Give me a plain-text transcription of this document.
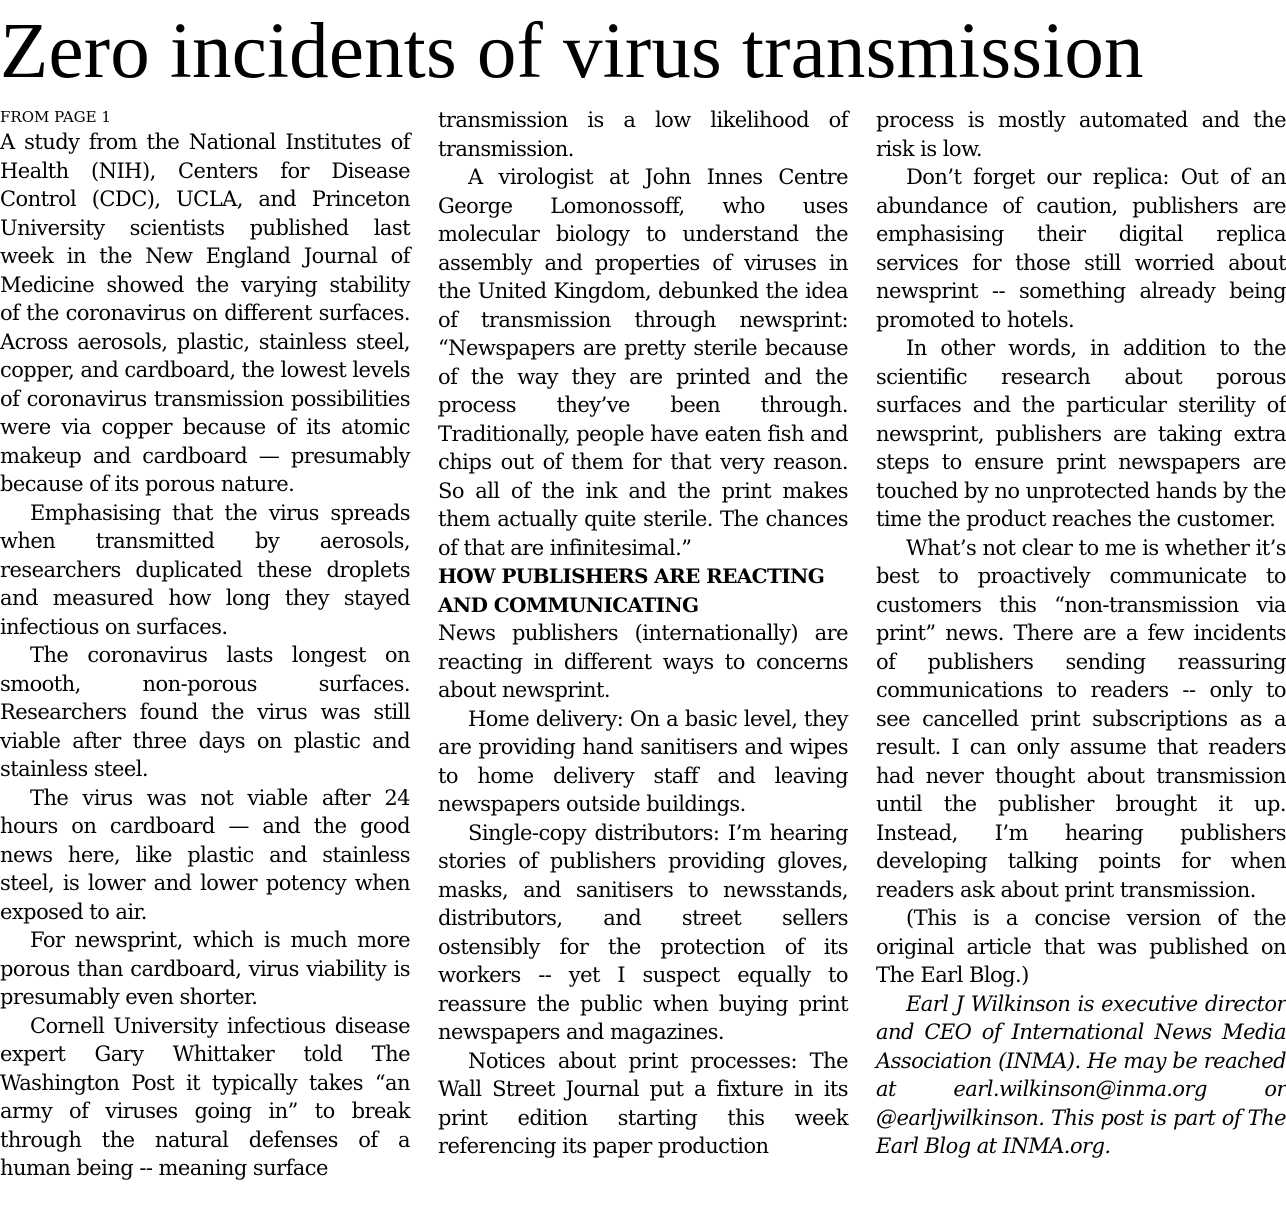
Zero incidents of virus transmission
FROM PAGE 1

A study from the National Institutes of Health (NIH), Centers for Disease Control (CDC), UCLA, and Princeton University scientists published last week in the New England Journal of Medicine showed the varying stability of the coronavirus on different surfaces. Across aerosols, plastic, stainless steel, copper, and cardboard, the lowest levels of coronavirus transmission possibilities were via copper because of its atomic makeup and cardboard — presumably because of its porous nature.

Emphasising that the virus spreads when transmitted by aerosols, researchers duplicated these droplets and measured how long they stayed infectious on surfaces.

The coronavirus lasts longest on smooth, non-porous surfaces. Researchers found the virus was still viable after three days on plastic and stainless steel.

The virus was not viable after 24 hours on cardboard — and the good news here, like plastic and stainless steel, is lower and lower potency when exposed to air.

For newsprint, which is much more porous than cardboard, virus viability is presumably even shorter.

Cornell University infectious disease expert Gary Whittaker told The Washington Post it typically takes “an army of viruses going in” to break through the natural defenses of a human being -- meaning surface

transmission is a low likelihood of transmission.

A virologist at John Innes Centre George Lomonossoff, who uses molecular biology to understand the assembly and properties of viruses in the United Kingdom, debunked the idea of transmission through newsprint: “Newspapers are pretty sterile because of the way they are printed and the process they’ve been through. Traditionally, people have eaten fish and chips out of them for that very reason. So all of the ink and the print makes them actually quite sterile. The chances of that are infinitesimal.”

HOW PUBLISHERS ARE REACTING AND COMMUNICATING

News publishers (internationally) are reacting in different ways to concerns about newsprint.

Home delivery: On a basic level, they are providing hand sanitisers and wipes to home delivery staff and leaving newspapers outside buildings.

Single-copy distributors: I’m hearing stories of publishers providing gloves, masks, and sanitisers to newsstands, distributors, and street sellers ostensibly for the protection of its workers -- yet I suspect equally to reassure the public when buying print newspapers and magazines.

Notices about print processes: The Wall Street Journal put a fixture in its print edition starting this week referencing its paper production

process is mostly automated and the risk is low.

Don’t forget our replica: Out of an abundance of caution, publishers are emphasising their digital replica services for those still worried about newsprint -- something already being promoted to hotels.

In other words, in addition to the scientific research about porous surfaces and the particular sterility of newsprint, publishers are taking extra steps to ensure print newspapers are touched by no unprotected hands by the time the product reaches the customer.

What’s not clear to me is whether it’s best to proactively communicate to customers this “non-transmission via print” news. There are a few incidents of publishers sending reassuring communications to readers -- only to see cancelled print subscriptions as a result. I can only assume that readers had never thought about transmission until the publisher brought it up. Instead, I’m hearing publishers developing talking points for when readers ask about print transmission.

(This is a concise version of the original article that was published on The Earl Blog.)

Earl J Wilkinson is executive director and CEO of International News Media Association (INMA). He may be reached at earl.wilkinson@inma.org or @earljwilkinson. This post is part of The Earl Blog at INMA.org.
